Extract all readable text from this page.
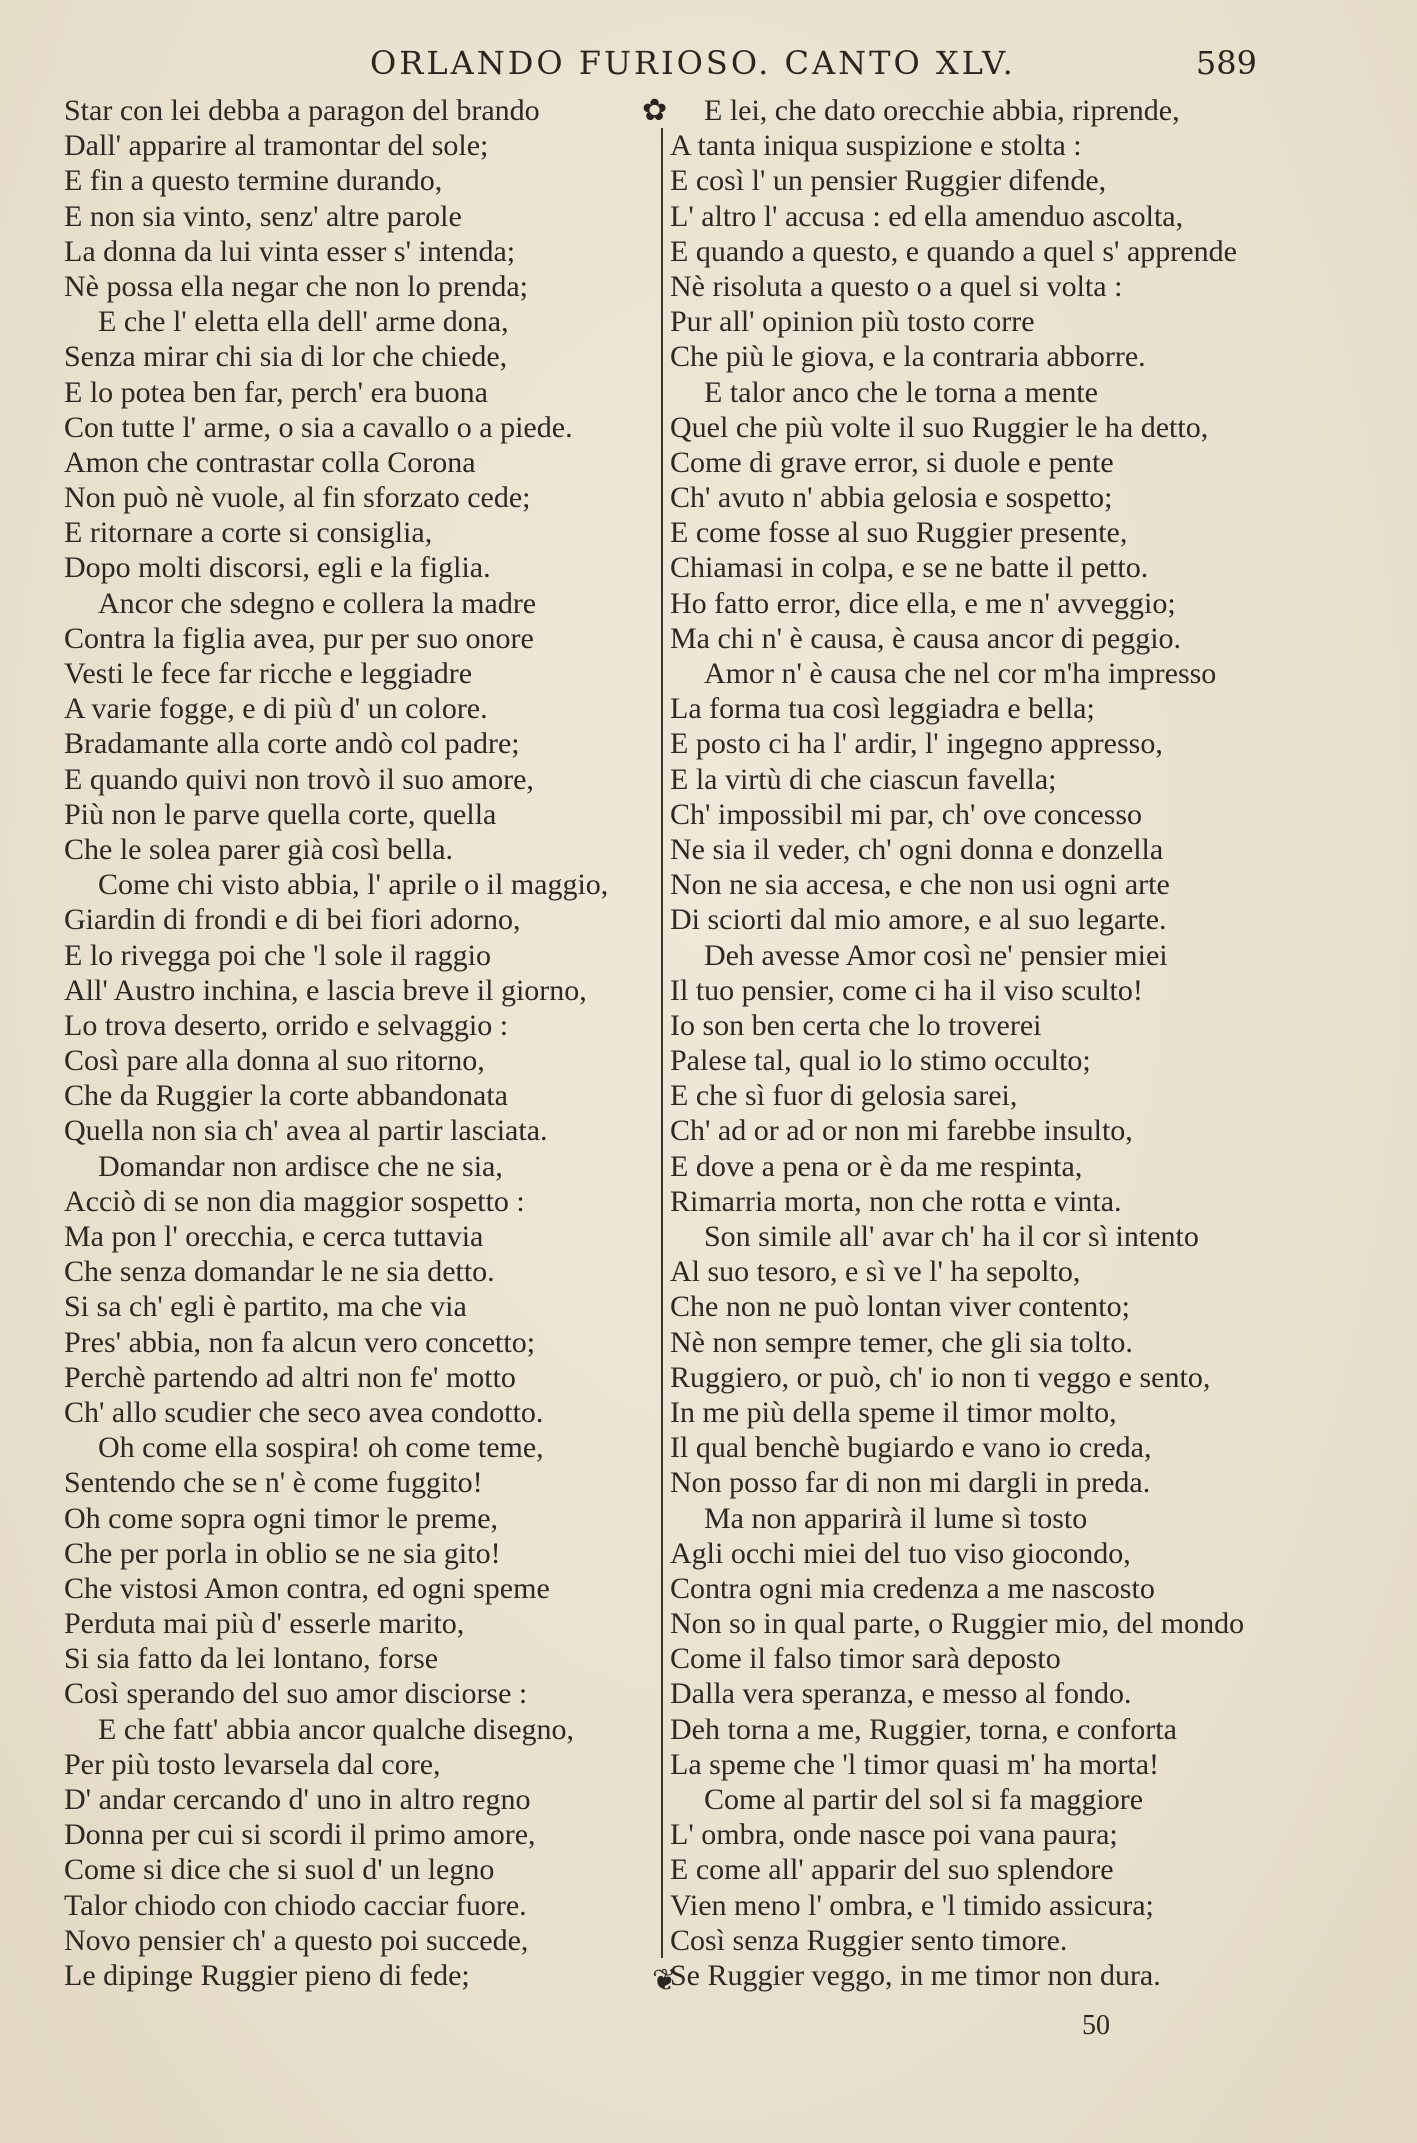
ORLANDO FURIOSO. CANTO XLV.	589
Star con lei debba a paragon del brando
Dall' apparire al tramontar del sole;
E fin a questo termine durando,
E non sia vinto, senz' altre parole
La donna da lui vinta esser s' intenda;
Nè possa ella negar che non lo prenda;
E che l' eletta ella dell' arme dona,
Senza mirar chi sia di lor che chiede,
E lo potea ben far, perch' era buona
Con tutte l' arme, o sia a cavallo o a piede.
Amon che contrastar colla Corona
Non può nè vuole, al fin sforzato cede;
E ritornare a corte si consiglia,
Dopo molti discorsi, egli e la figlia.
Ancor che sdegno e collera la madre
Contra la figlia avea, pur per suo onore
Vesti le fece far ricche e leggiadre
A varie fogge, e di più d' un colore.
Bradamante alla corte andò col padre;
E quando quivi non trovò il suo amore,
Più non le parve quella corte, quella
Che le solea parer già così bella.
Come chi visto abbia, l' aprile o il maggio,
Giardin di frondi e di bei fiori adorno,
E lo rivegga poi che 'l sole il raggio
All' Austro inchina, e lascia breve il giorno,
Lo trova deserto, orrido e selvaggio :
Così pare alla donna al suo ritorno,
Che da Ruggier la corte abbandonata
Quella non sia ch' avea al partir lasciata.
Domandar non ardisce che ne sia,
Acciò di se non dia maggior sospetto :
Ma pon l' orecchia, e cerca tuttavia
Che senza domandar le ne sia detto.
Si sa ch' egli è partito, ma che via
Pres' abbia, non fa alcun vero concetto;
Perchè partendo ad altri non fe' motto
Ch' allo scudier che seco avea condotto.
Oh come ella sospira! oh come teme,
Sentendo che se n' è come fuggito!
Oh come sopra ogni timor le preme,
Che per porla in oblio se ne sia gito!
Che vistosi Amon contra, ed ogni speme
Perduta mai più d' esserle marito,
Si sia fatto da lei lontano, forse
Così sperando del suo amor disciorse :
E che fatt' abbia ancor qualche disegno,
Per più tosto levarsela dal core,
D' andar cercando d' uno in altro regno
Donna per cui si scordi il primo amore,
Come si dice che si suol d' un legno
Talor chiodo con chiodo cacciar fuore.
Novo pensier ch' a questo poi succede,
Le dipinge Ruggier pieno di fede;
✿
❦
E lei, che dato orecchie abbia, riprende,
A tanta iniqua suspizione e stolta :
E così l' un pensier Ruggier difende,
L' altro l' accusa : ed ella amenduo ascolta,
E quando a questo, e quando a quel s' apprende
Nè risoluta a questo o a quel si volta :
Pur all' opinion più tosto corre
Che più le giova, e la contraria abborre.
E talor anco che le torna a mente
Quel che più volte il suo Ruggier le ha detto,
Come di grave error, si duole e pente
Ch' avuto n' abbia gelosia e sospetto;
E come fosse al suo Ruggier presente,
Chiamasi in colpa, e se ne batte il petto.
Ho fatto error, dice ella, e me n' avveggio;
Ma chi n' è causa, è causa ancor di peggio.
Amor n' è causa che nel cor m'ha impresso
La forma tua così leggiadra e bella;
E posto ci ha l' ardir, l' ingegno appresso,
E la virtù di che ciascun favella;
Ch' impossibil mi par, ch' ove concesso
Ne sia il veder, ch' ogni donna e donzella
Non ne sia accesa, e che non usi ogni arte
Di sciorti dal mio amore, e al suo legarte.
Deh avesse Amor così ne' pensier miei
Il tuo pensier, come ci ha il viso sculto!
Io son ben certa che lo troverei
Palese tal, qual io lo stimo occulto;
E che sì fuor di gelosia sarei,
Ch' ad or ad or non mi farebbe insulto,
E dove a pena or è da me respinta,
Rimarria morta, non che rotta e vinta.
Son simile all' avar ch' ha il cor sì intento
Al suo tesoro, e sì ve l' ha sepolto,
Che non ne può lontan viver contento;
Nè non sempre temer, che gli sia tolto.
Ruggiero, or può, ch' io non ti veggo e sento,
In me più della speme il timor molto,
Il qual benchè bugiardo e vano io creda,
Non posso far di non mi dargli in preda.
Ma non apparirà il lume sì tosto
Agli occhi miei del tuo viso giocondo,
Contra ogni mia credenza a me nascosto
Non so in qual parte, o Ruggier mio, del mondo
Come il falso timor sarà deposto
Dalla vera speranza, e messo al fondo.
Deh torna a me, Ruggier, torna, e conforta
La speme che 'l timor quasi m' ha morta!
Come al partir del sol si fa maggiore
L' ombra, onde nasce poi vana paura;
E come all' apparir del suo splendore
Vien meno l' ombra, e 'l timido assicura;
Così senza Ruggier sento timore.
Se Ruggier veggo, in me timor non dura.
50
